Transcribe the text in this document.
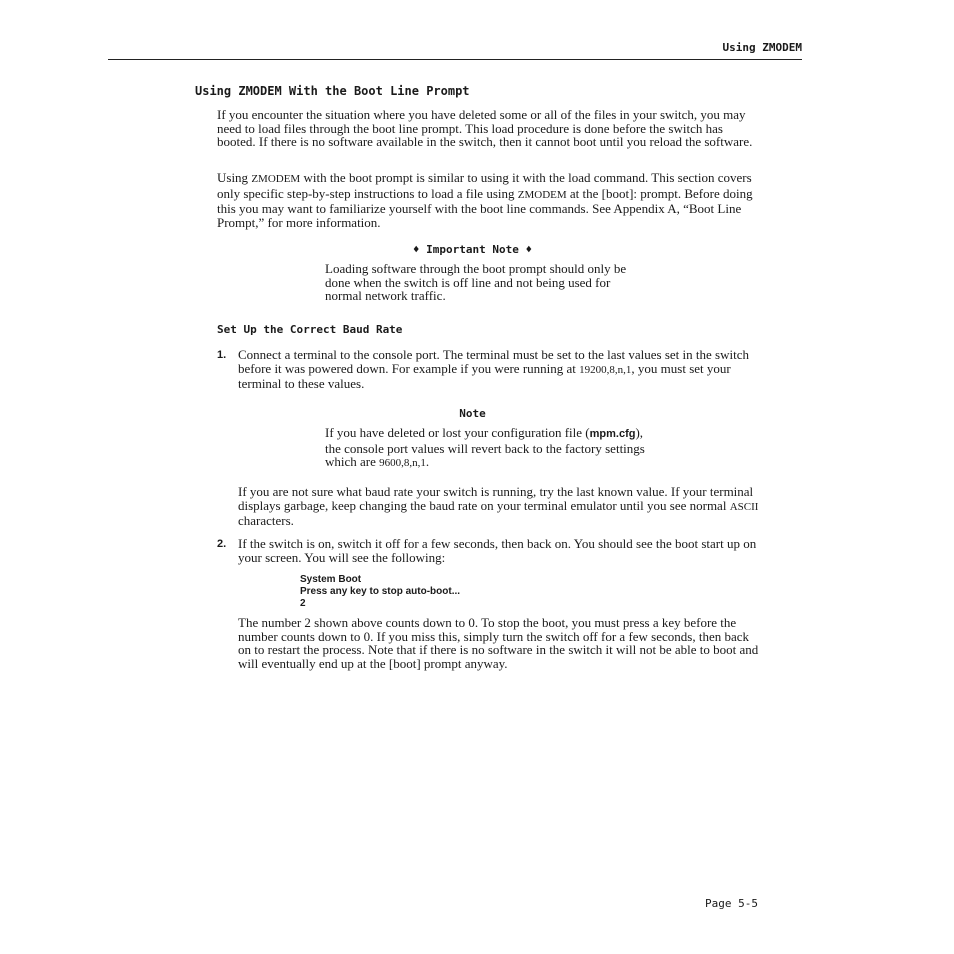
Using ZMODEM
Using ZMODEM With the Boot Line Prompt

If you encounter the situation where you have deleted some or all of the files in your switch, you may need to load files through the boot line prompt. This load procedure is done before the switch has booted. If there is no software available in the switch, then it cannot boot until you reload the software.

Using ZMODEM with the boot prompt is similar to using it with the load command. This section covers only specific step-by-step instructions to load a file using ZMODEM at the [boot]: prompt. Before doing this you may want to familiarize yourself with the boot line commands. See Appendix A, “Boot Line Prompt,” for more information.

♦ Important Note ♦

Loading software through the boot prompt should only be done when the switch is off line and not being used for normal network traffic.

Set Up the Correct Baud Rate
1. Connect a terminal to the console port. The terminal must be set to the last values set in the switch before it was powered down. For example if you were running at 19200,8,n,1, you must set your terminal to these values.

Note

If you have deleted or lost your configuration file (mpm.cfg), the console port values will revert back to the factory settings which are 9600,8,n,1.

If you are not sure what baud rate your switch is running, try the last known value. If your terminal displays garbage, keep changing the baud rate on your terminal emulator until you see normal ASCII characters.

2. If the switch is on, switch it off for a few seconds, then back on. You should see the boot start up on your screen. You will see the following:

System Boot
Press any key to stop auto-boot...
2

The number 2 shown above counts down to 0. To stop the boot, you must press a key before the number counts down to 0. If you miss this, simply turn the switch off for a few seconds, then back on to restart the process. Note that if there is no software in the switch it will not be able to boot and will eventually end up at the [boot] prompt anyway.

Page 5-5
